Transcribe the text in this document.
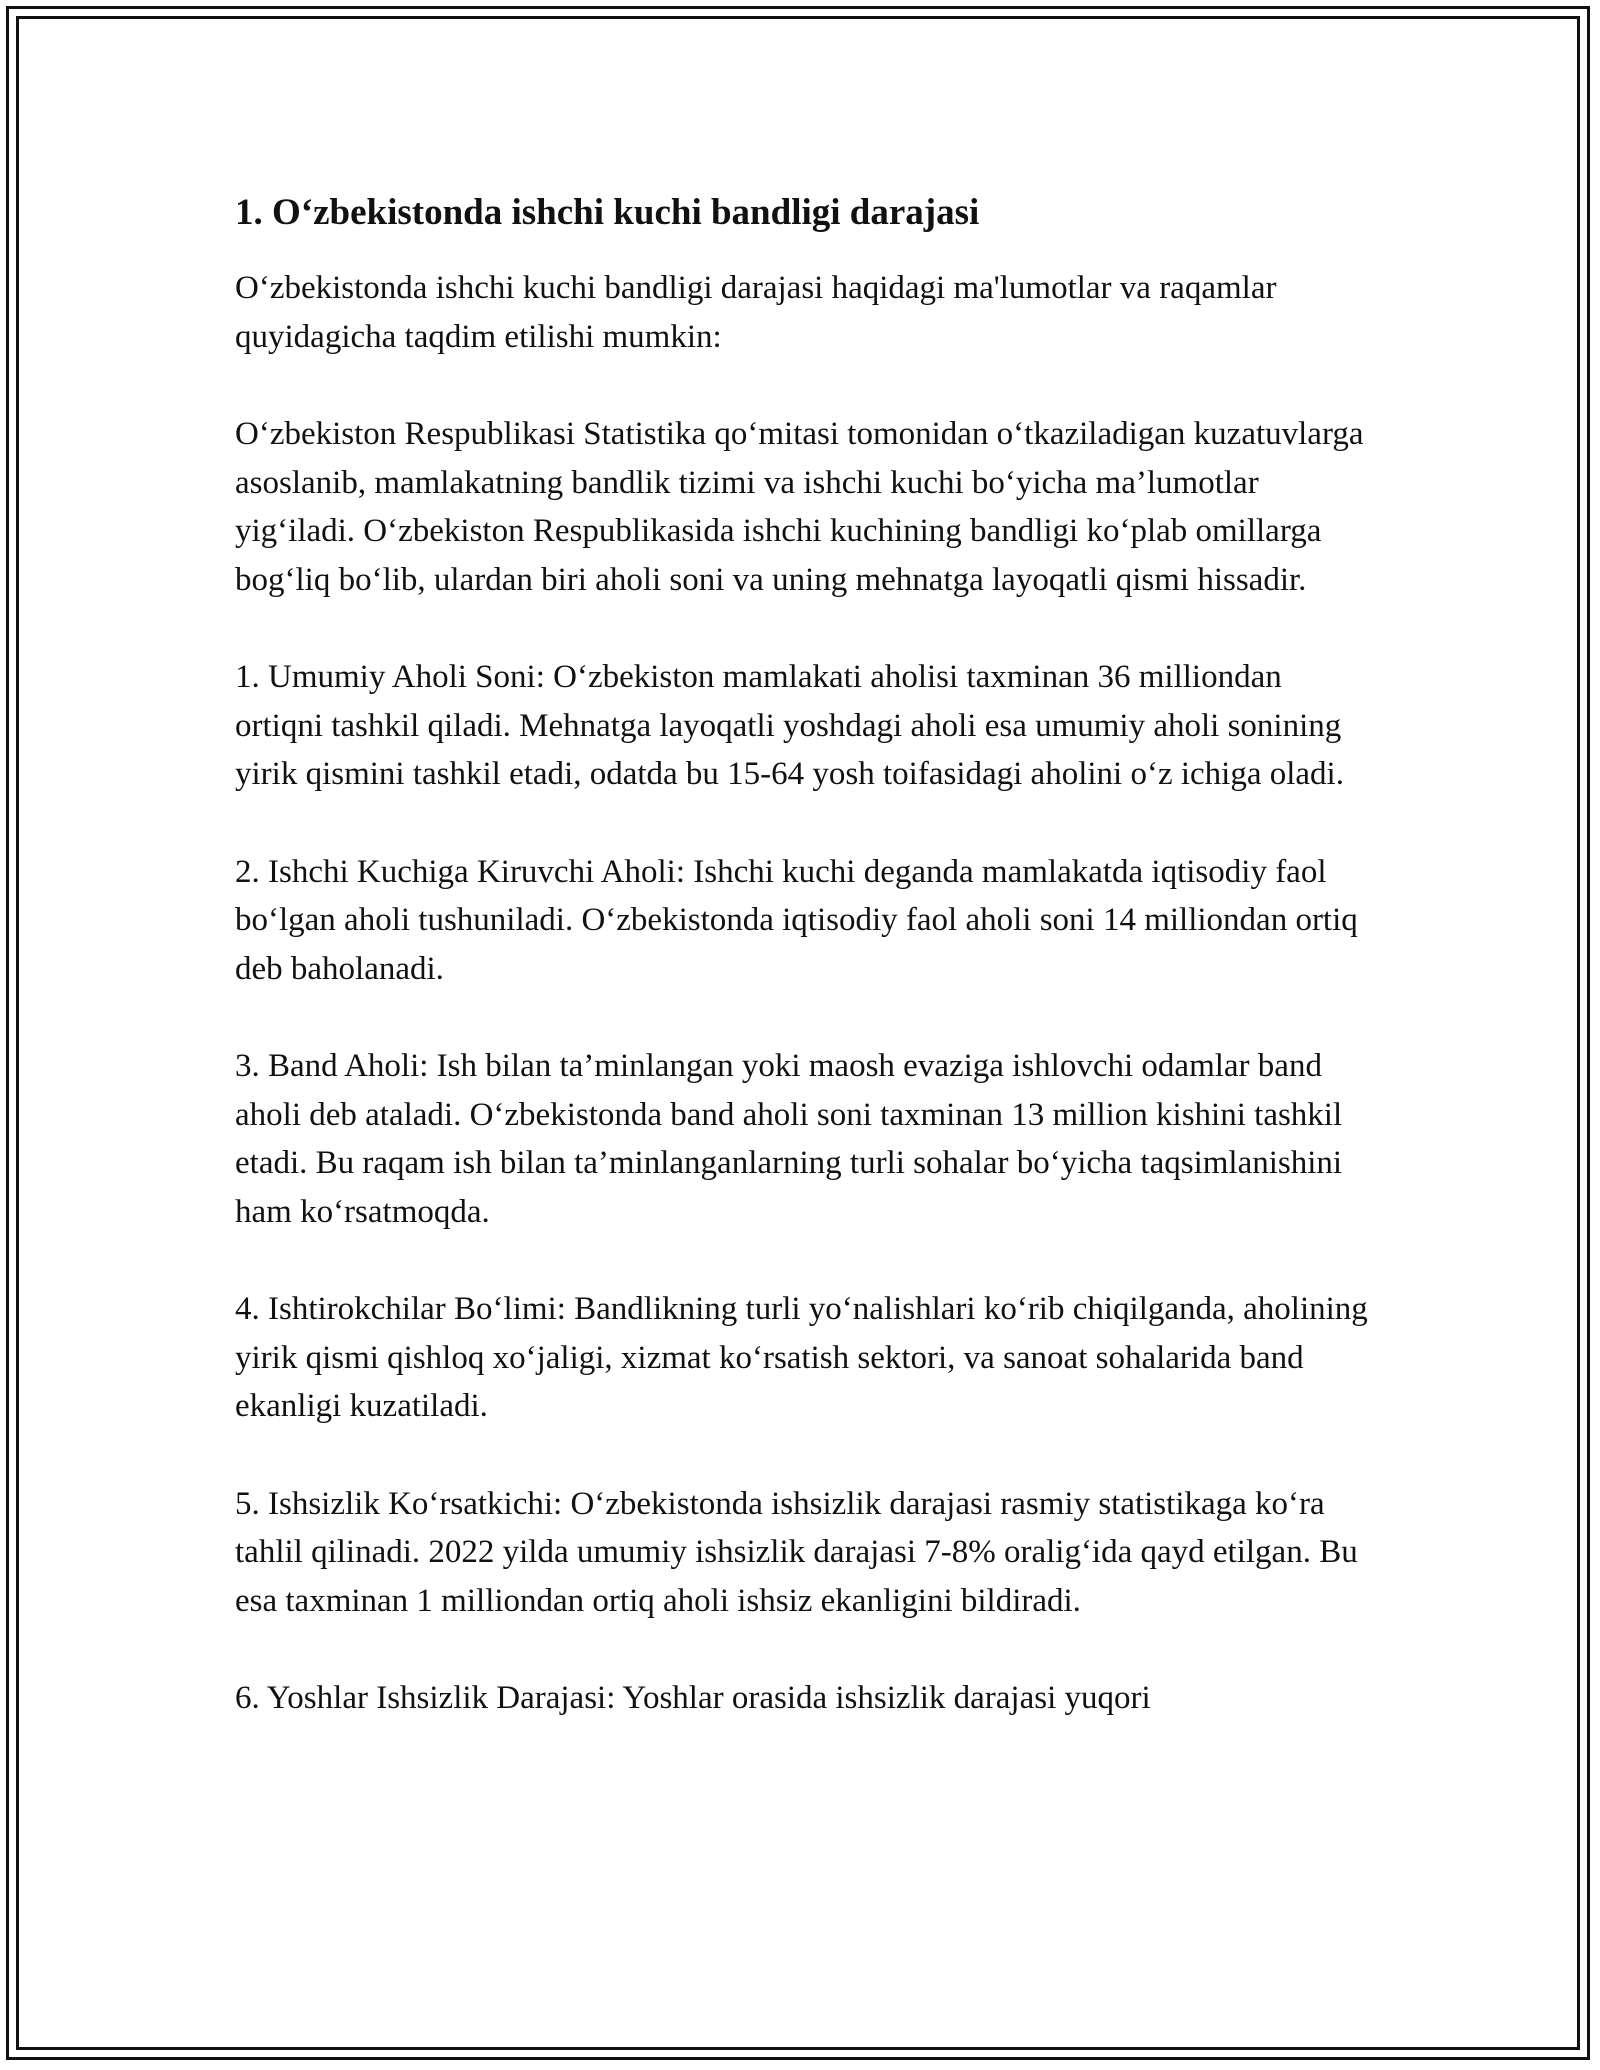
1. O‘zbekistonda ishchi kuchi bandligi darajasi

O‘zbekistonda ishchi kuchi bandligi darajasi haqidagi ma'lumotlar va raqamlar quyidagicha taqdim etilishi mumkin:

O‘zbekiston Respublikasi Statistika qo‘mitasi tomonidan o‘tkaziladigan kuzatuvlarga asoslanib, mamlakatning bandlik tizimi va ishchi kuchi bo‘yicha ma’lumotlar yig‘iladi. O‘zbekiston Respublikasida ishchi kuchining bandligi ko‘plab omillarga bog‘liq bo‘lib, ulardan biri aholi soni va uning mehnatga layoqatli qismi hissadir.

1. Umumiy Aholi Soni: O‘zbekiston mamlakati aholisi taxminan 36 milliondan ortiqni tashkil qiladi. Mehnatga layoqatli yoshdagi aholi esa umumiy aholi sonining yirik qismini tashkil etadi, odatda bu 15-64 yosh toifasidagi aholini o‘z ichiga oladi.

2. Ishchi Kuchiga Kiruvchi Aholi: Ishchi kuchi deganda mamlakatda iqtisodiy faol bo‘lgan aholi tushuniladi. O‘zbekistonda iqtisodiy faol aholi soni 14 milliondan ortiq deb baholanadi.

3. Band Aholi: Ish bilan ta’minlangan yoki maosh evaziga ishlovchi odamlar band aholi deb ataladi. O‘zbekistonda band aholi soni taxminan 13 million kishini tashkil etadi. Bu raqam ish bilan ta’minlanganlarning turli sohalar bo‘yicha taqsimlanishini ham ko‘rsatmoqda.

4. Ishtirokchilar Bo‘limi: Bandlikning turli yo‘nalishlari ko‘rib chiqilganda, aholining yirik qismi qishloq xo‘jaligi, xizmat ko‘rsatish sektori, va sanoat sohalarida band ekanligi kuzatiladi.

5. Ishsizlik Ko‘rsatkichi: O‘zbekistonda ishsizlik darajasi rasmiy statistikaga ko‘ra tahlil qilinadi. 2022 yilda umumiy ishsizlik darajasi 7-8% oralig‘ida qayd etilgan. Bu esa taxminan 1 milliondan ortiq aholi ishsiz ekanligini bildiradi.

6. Yoshlar Ishsizlik Darajasi: Yoshlar orasida ishsizlik darajasi yuqori
